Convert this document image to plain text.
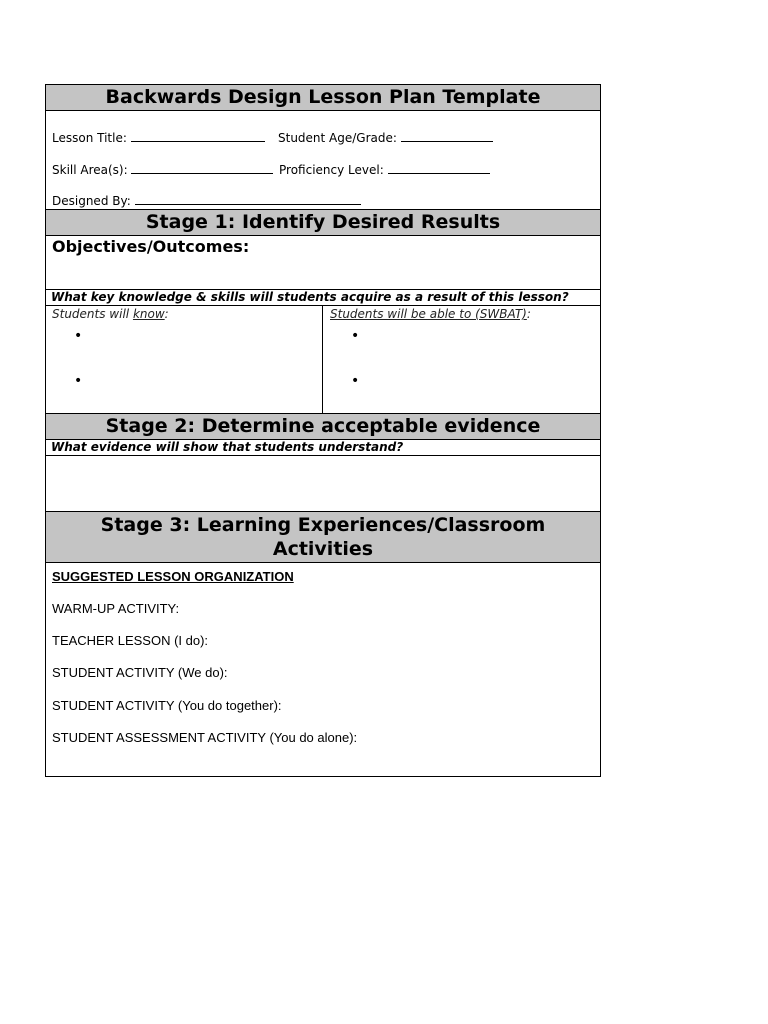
Backwards Design Lesson Plan Template
Lesson Title:	Student Age/Grade:
Skill Area(s):	Proficiency Level:
Designed By:
Stage 1: Identify Desired Results
Objectives/Outcomes:
What key knowledge & skills will students acquire as a result of this lesson?
Students will know:	Students will be able to (SWBAT):
•
•
•
•
Stage 2: Determine acceptable evidence
What evidence will show that students understand?
Stage 3: Learning Experiences/Classroom
Activities
SUGGESTED LESSON ORGANIZATION
WARM-UP ACTIVITY:
TEACHER LESSON (I do):
STUDENT ACTIVITY (We do):
STUDENT ACTIVITY (You do together):
STUDENT ASSESSMENT ACTIVITY (You do alone):
